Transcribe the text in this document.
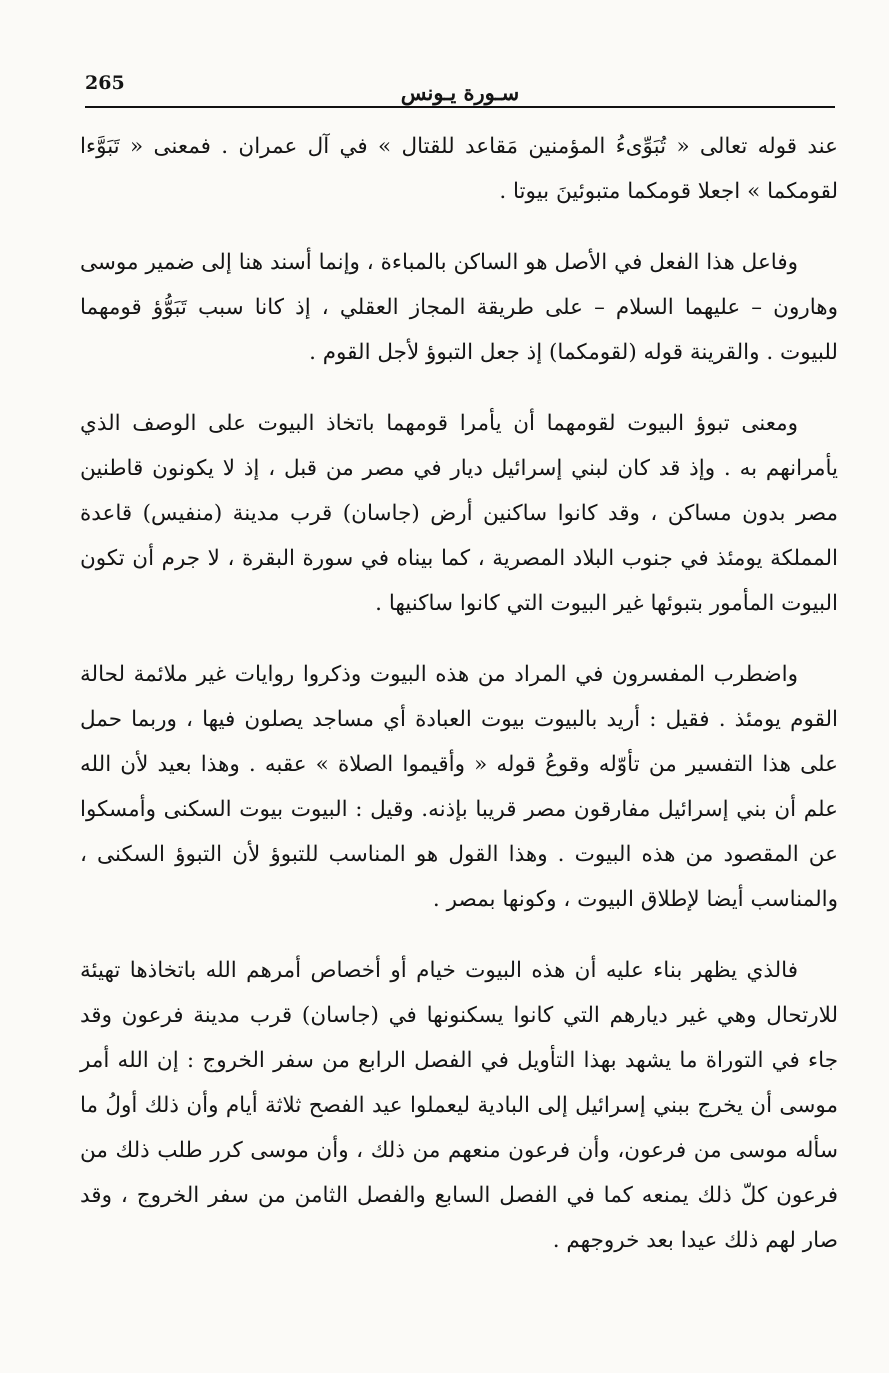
265	سـورة يـونس

عند قوله تعالى « تُبَوِّىءُ المؤمنين مَقاعد للقتال » في آل عمران . فمعنى « تَبَوَّءا لقومكما » اجعلا قومكما متبوئينَ بيوتا .

وفاعل هذا الفعل في الأصل هو الساكن بالمباءة ، وإنما أسند هنا إلى ضمير موسى وهارون – عليهما السلام – على طريقة المجاز العقلي ، إذ كانا سبب تَبَوُّؤ قومهما للبيوت . والقرينة قوله (لقومكما) إذ جعل التبوؤ لأجل القوم .

ومعنى تبوؤ البيوت لقومهما أن يأمرا قومهما باتخاذ البيوت على الوصف الذي يأمرانهم به . وإذ قد كان لبني إسرائيل ديار في مصر من قبل ، إذ لا يكونون قاطنين مصر بدون مساكن ، وقد كانوا ساكنين أرض (جاسان) قرب مدينة (منفيس) قاعدة المملكة يومئذ في جنوب البلاد المصرية ، كما بيناه في سورة البقرة ، لا جرم أن تكون البيوت المأمور بتبوئها غير البيوت التي كانوا ساكنيها .

واضطرب المفسرون في المراد من هذه البيوت وذكروا روايات غير ملائمة لحالة القوم يومئذ . فقيل : أريد بالبيوت بيوت العبادة أي مساجد يصلون فيها ، وربما حمل على هذا التفسير من تأوّله وقوعُ قوله « وأقيموا الصلاة » عقبه . وهذا بعيد لأن الله علم أن بني إسرائيل مفارقون مصر قريبا بإذنه. وقيل : البيوت بيوت السكنى وأمسكوا عن المقصود من هذه البيوت . وهذا القول هو المناسب للتبوؤ لأن التبوؤ السكنى ، والمناسب أيضا لإطلاق البيوت ، وكونها بمصر .

فالذي يظهر بناء عليه أن هذه البيوت خيام أو أخصاص أمرهم الله باتخاذها تهيئة للارتحال وهي غير ديارهم التي كانوا يسكنونها في (جاسان) قرب مدينة فرعون وقد جاء في التوراة ما يشهد بهذا التأويل في الفصل الرابع من سفر الخروج : إن الله أمر موسى أن يخرج ببني إسرائيل إلى البادية ليعملوا عيد الفصح ثلاثة أيام وأن ذلك أولُ ما سأله موسى من فرعون، وأن فرعون منعهم من ذلك ، وأن موسى كرر طلب ذلك من فرعون كلّ ذلك يمنعه كما في الفصل السابع والفصل الثامن من سفر الخروج ، وقد صار لهم ذلك عيدا بعد خروجهم .
